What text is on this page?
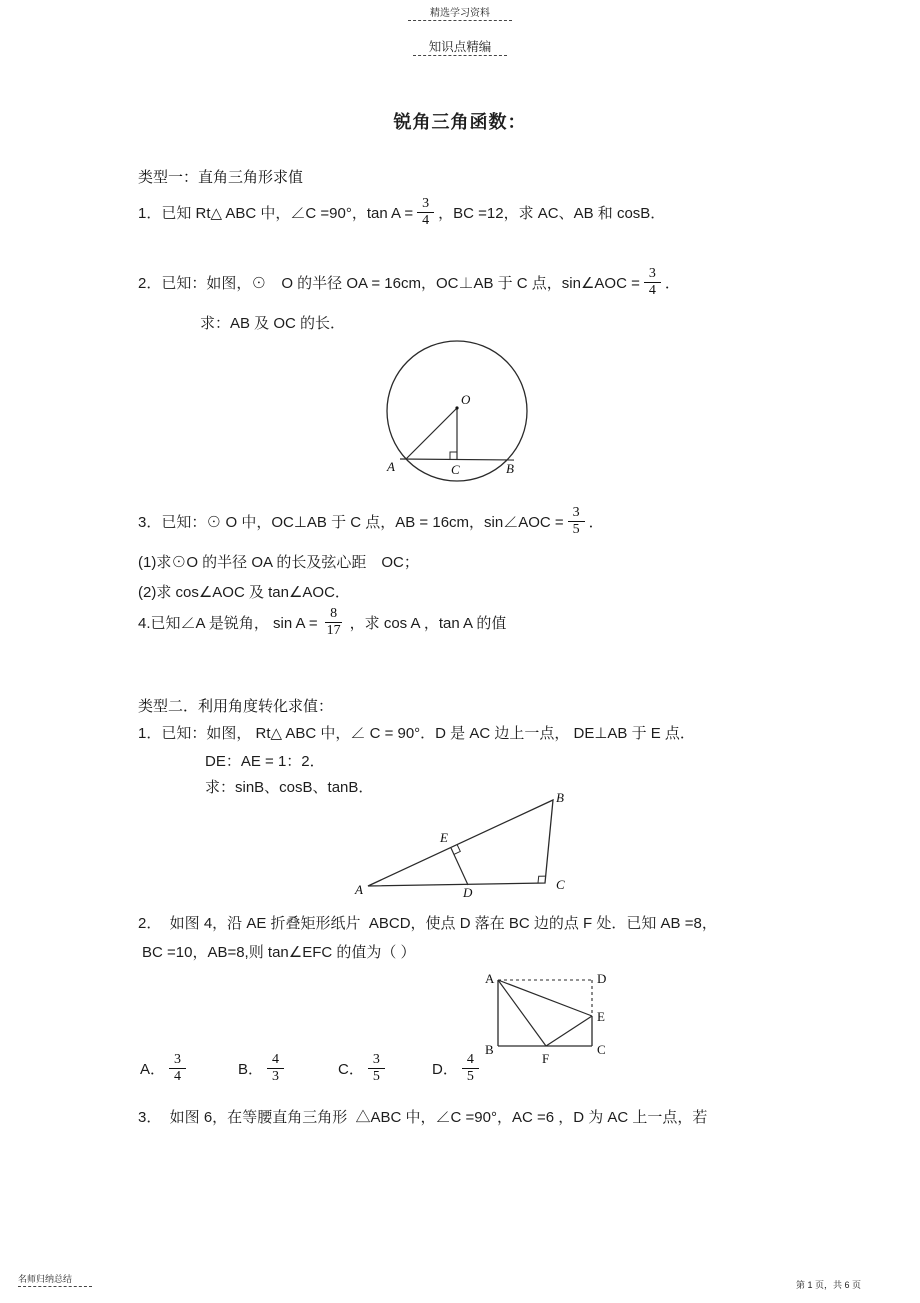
精选学习资料
知识点精编
锐角三角函数：
类型一：直角三角形求值
1．已知 Rt△ ABC 中，∠C =90°，$\tan A = \frac{3}{4}$ ，BC =12，求 AC、AB 和 cosB．
2．已知：如图，⊙　O 的半径 OA = 16cm，OC⊥AB 于 C 点，sin∠AOC = $\frac{3}{4}$ ．
求：AB 及 OC 的长．
O
A	C	B
3．已知：⊙ O 中，OC⊥AB 于 C 点，AB = 16cm，sin∠AOC = $\frac{3}{5}$ ．
(1)求⊙O 的半径 OA 的长及弦心距　OC；
(2)求 cos∠AOC 及 tan∠AOC．
4.已知∠A 是锐角， $\sin A = \frac{8}{17}$ ，求 cos A ，tan A 的值
类型二．利用角度转化求值：
1．已知：如图， Rt△ ABC 中，∠ C = 90°．D 是 AC 边上一点， DE⊥AB 于 E 点．
DE：AE = 1：2．
求：sinB、cosB、tanB．
A
B
C
D
E
2．  如图 4，沿 AE 折叠矩形纸片  ABCD，使点 D 落在 BC 边的点 F 处．已知 AB =8，
BC =10，AB=8,则 tan∠EFC 的值为（ ）
A	D
E
B	C
F
A． $\frac{3}{4}$	B． $\frac{4}{3}$	C． $\frac{3}{5}$	D． $\frac{4}{5}$
3．  如图 6，在等腰直角三角形  △ABC 中，∠C =90°，AC =6 ，D 为 AC 上一点，若
名师归纳总结
第 1 页，共 6 页
